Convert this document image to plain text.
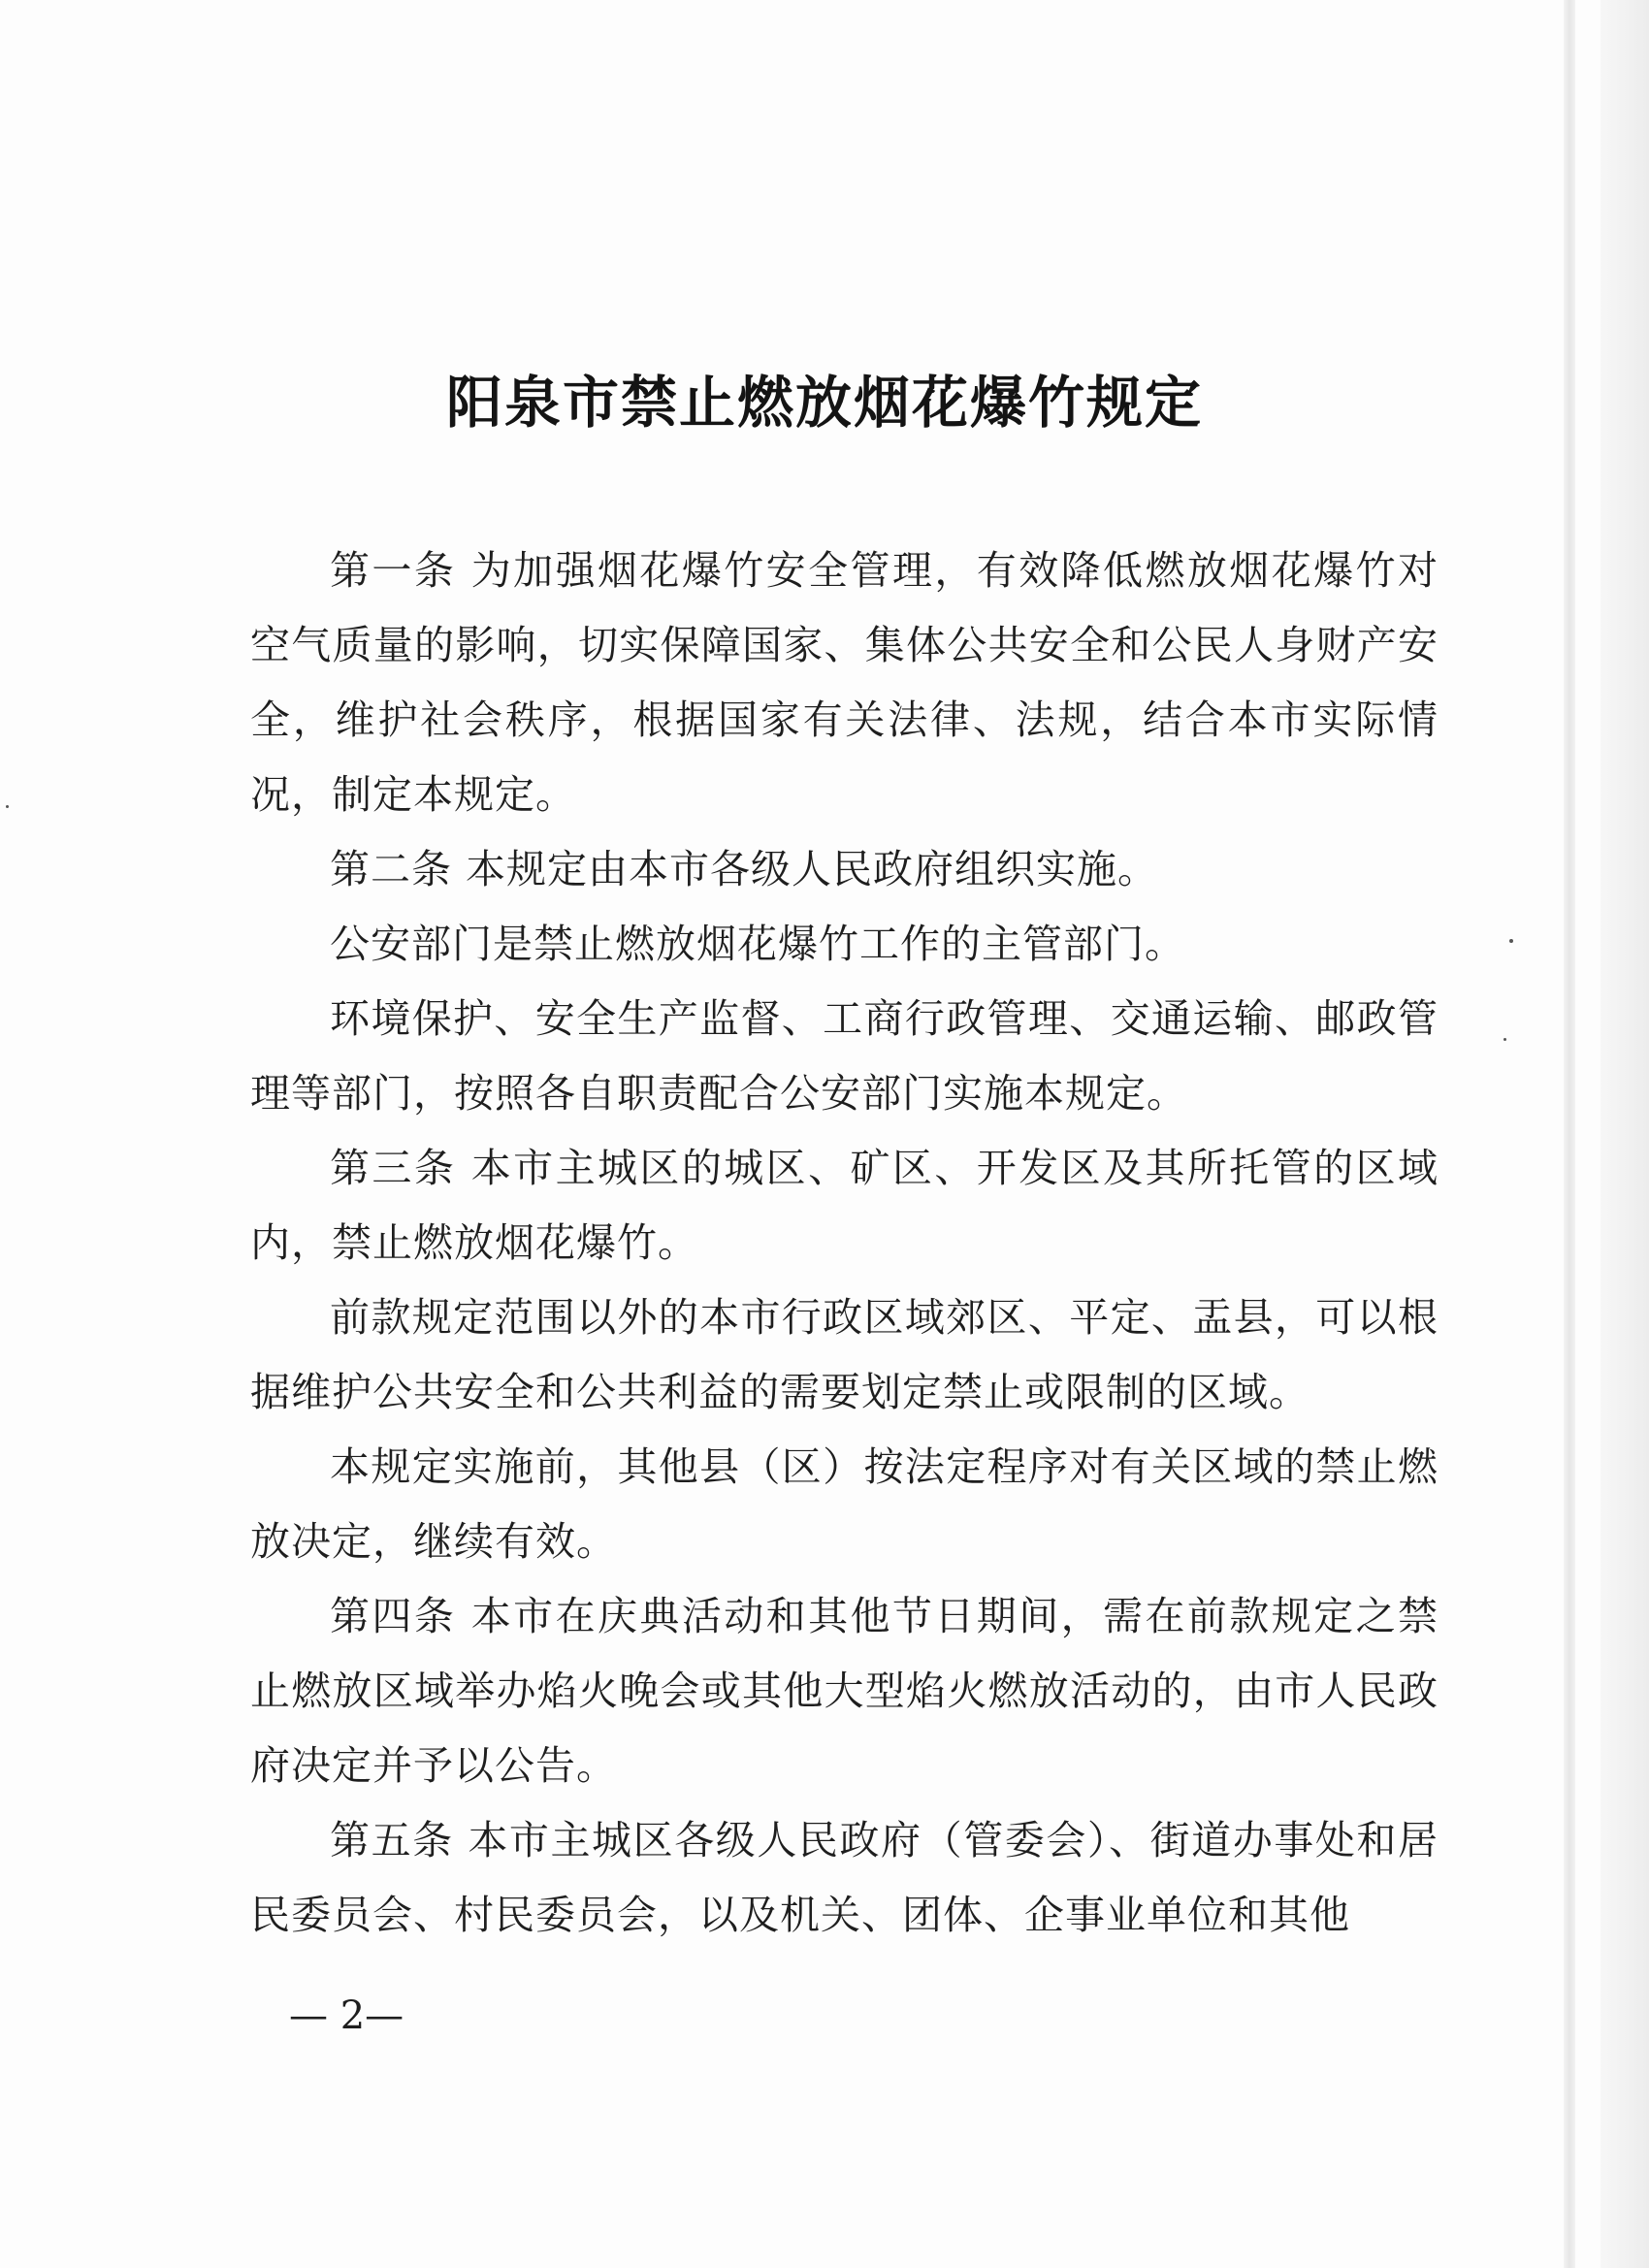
阳泉市禁止燃放烟花爆竹规定

第一条 为加强烟花爆竹安全管理，有效降低燃放烟花爆竹对空气质量的影响，切实保障国家、集体公共安全和公民人身财产安全，维护社会秩序，根据国家有关法律、法规，结合本市实际情况，制定本规定。

第二条 本规定由本市各级人民政府组织实施。

公安部门是禁止燃放烟花爆竹工作的主管部门。

环境保护、安全生产监督、工商行政管理、交通运输、邮政管理等部门，按照各自职责配合公安部门实施本规定。

第三条 本市主城区的城区、矿区、开发区及其所托管的区域内，禁止燃放烟花爆竹。

前款规定范围以外的本市行政区域郊区、平定、盂县，可以根据维护公共安全和公共利益的需要划定禁止或限制的区域。

本规定实施前，其他县（区）按法定程序对有关区域的禁止燃放决定，继续有效。

第四条 本市在庆典活动和其他节日期间，需在前款规定之禁止燃放区域举办焰火晚会或其他大型焰火燃放活动的，由市人民政府决定并予以公告。

第五条 本市主城区各级人民政府（管委会）、街道办事处和居民委员会、村民委员会，以及机关、团体、企事业单位和其他

— 2—
